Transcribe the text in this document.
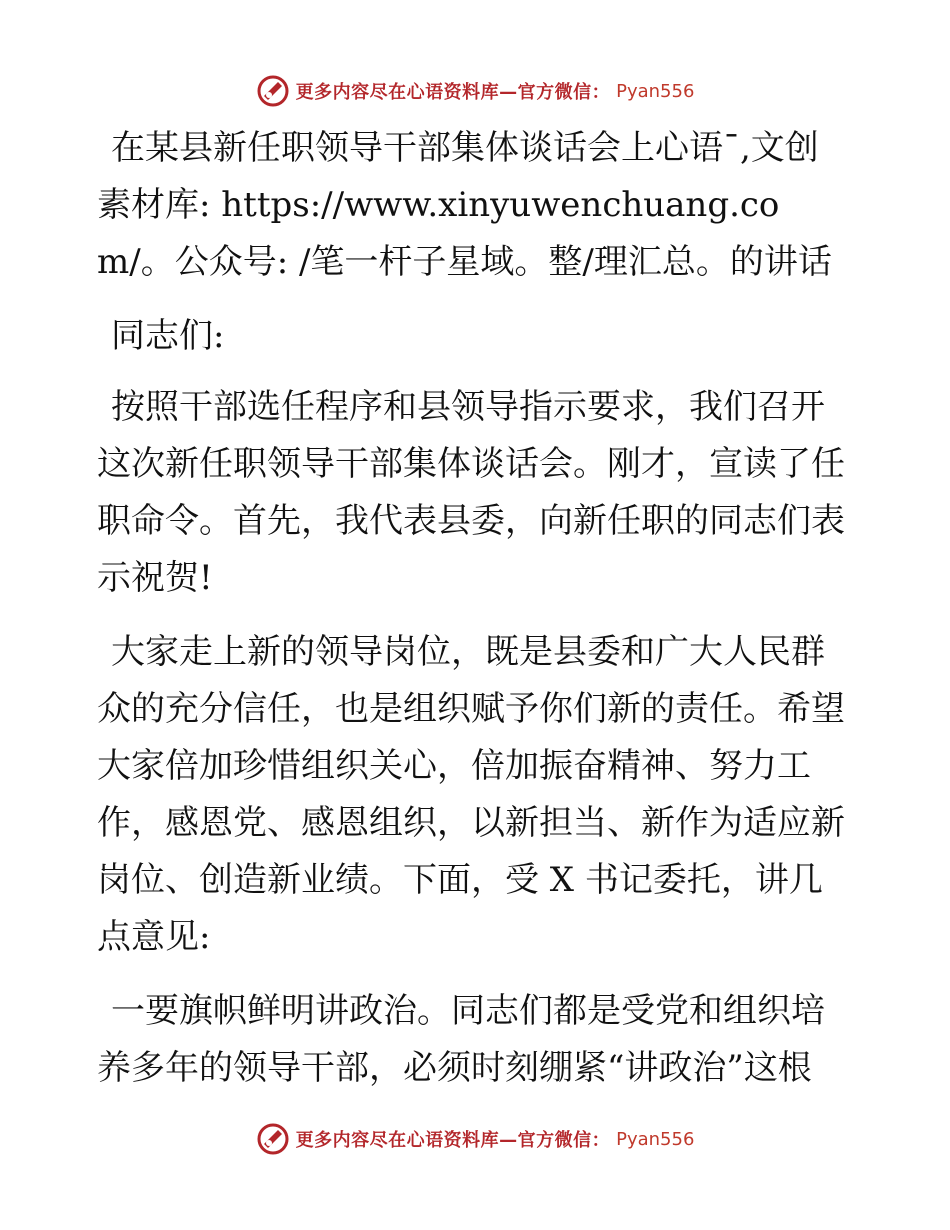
更多内容尽在心语资料库—官方微信： Pyan556

在某县新任职领导干部集体谈话会上心语¯,文创素材库: https://www.xinyuwenchuang.com/。公众号: /笔一杆子星域。整/理汇总。的讲话

同志们:

按照干部选任程序和县领导指示要求，我们召开这次新任职领导干部集体谈话会。刚才，宣读了任职命令。首先，我代表县委，向新任职的同志们表示祝贺!

大家走上新的领导岗位，既是县委和广大人民群众的充分信任，也是组织赋予你们新的责任。希望大家倍加珍惜组织关心，倍加振奋精神、努力工作，感恩党、感恩组织，以新担当、新作为适应新岗位、创造新业绩。下面，受 X 书记委托，讲几点意见:

一要旗帜鲜明讲政治。同志们都是受党和组织培养多年的领导干部，必须时刻绷紧“讲政治”这根

更多内容尽在心语资料库—官方微信： Pyan556
